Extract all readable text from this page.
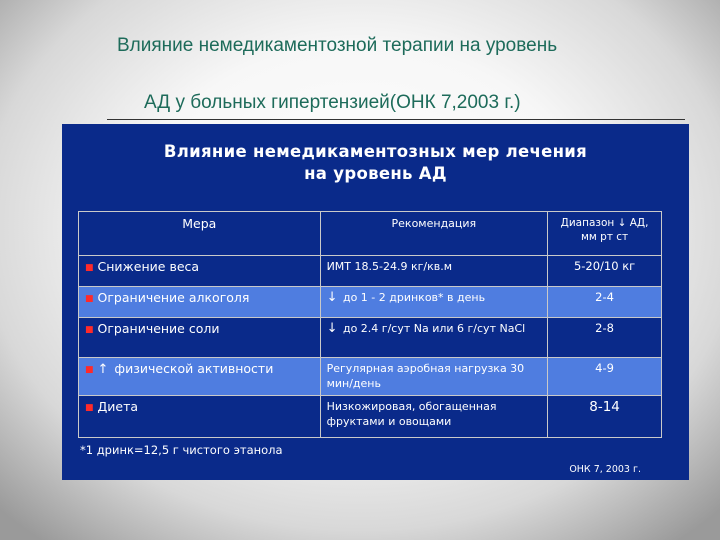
Влияние немедикаментозной терапии на уровень
АД у больных гипертензией(ОНК 7,2003 г.)
Влияние немедикаментозных мер лечения
на уровень АД
Мера	Рекомендация	Диапазон ↓ АД, мм рт ст
■ Снижение веса	ИМТ 18.5-24.9 кг/кв.м	5-20/10 кг
■ Ограничение алкоголя	↓ до 1 - 2 дринков* в день	2-4
■ Ограничение соли	↓ до 2.4 г/сут Na или 6 г/сут NaCl	2-8
■ ↑ физической активности	Регулярная аэробная нагрузка 30 мин/день	4-9
■ Диета	Низкожировая, обогащенная фруктами и овощами	8-14
*1 дринк=12,5 г чистого этанола
ОНК 7, 2003 г.
